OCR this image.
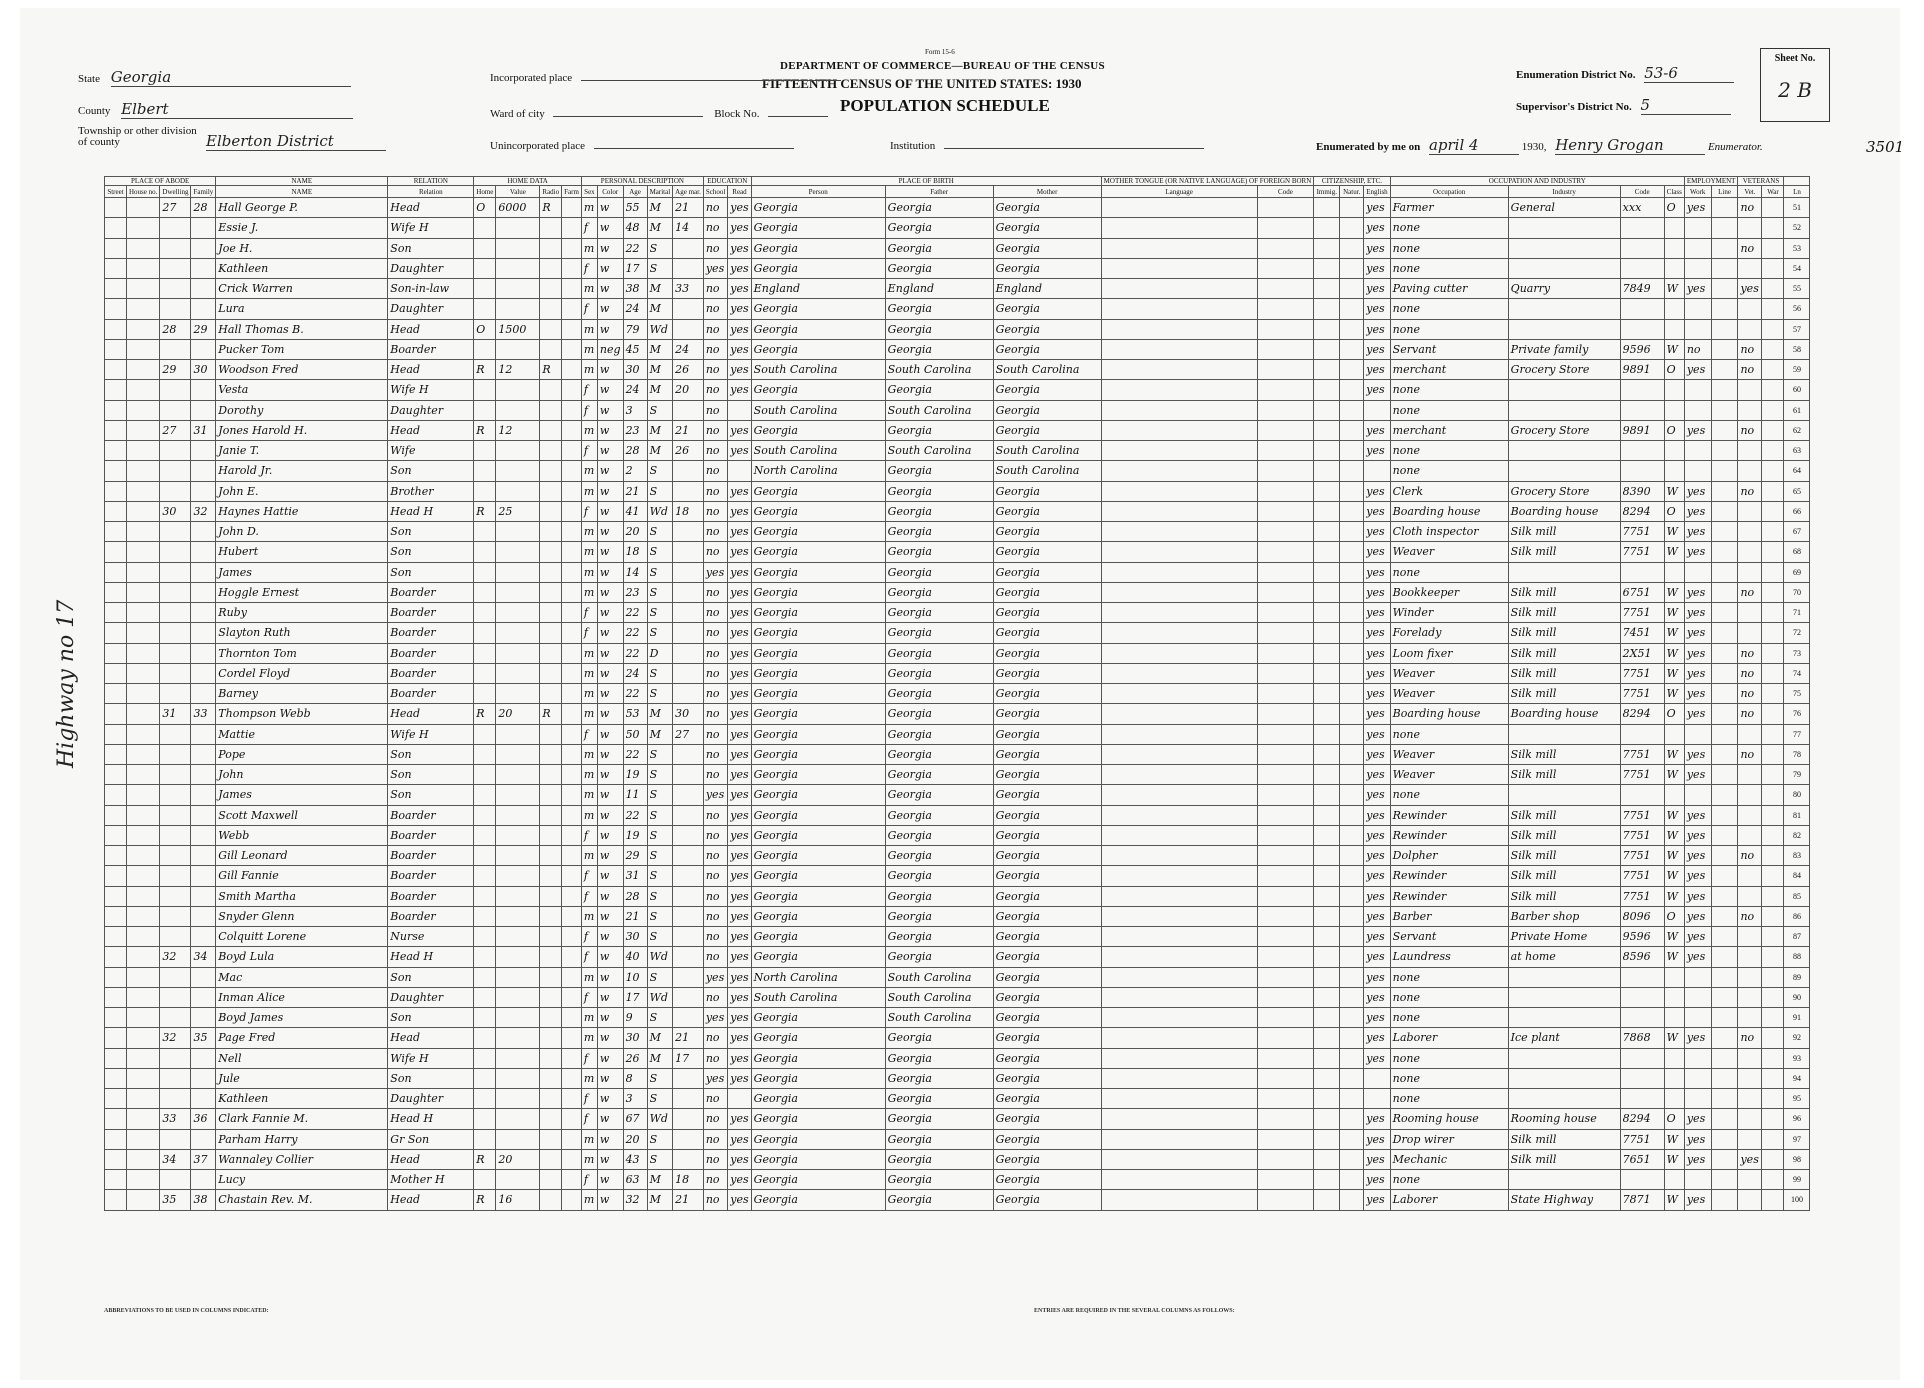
Form 15-6
DEPARTMENT OF COMMERCE—BUREAU OF THE CENSUS
FIFTEENTH CENSUS OF THE UNITED STATES: 1930
POPULATION SCHEDULE
State Georgia
County Elbert
Township or other division of county	Elberton District
Incorporated place
Ward of city	Block No.
Unincorporated place	Institution
Enumeration District No. 53-6
Supervisor's District No. 5
Sheet No.
2 B
Enumerated by me on april 4	1930, Henry Grogan	Enumerator.	3501
Highway no 17
PLACE OF ABODE				NAME	RELATION	HOME DATA				PERSONAL DESCRIPTION					EDUCATION		PLACE OF BIRTH			MOTHER TONGUE (OR NATIVE LANGUAGE) OF FOREIGN BORN		CITIZENSHIP, ETC.			OCCUPATION AND INDUSTRY				EMPLOYMENT		VETERANS		
Street	House no.	Dwelling	Family	NAME	Relation	Home	Value	Radio	Farm	Sex	Color	Age	Marital	Age mar.	School	Read	Person	Father	Mother	Language	Code	Immig.	Natur.	English	Occupation	Industry	Code	Class	Work	Line	Vet.	War	Ln
		27	28	Hall George P.	Head	O	6000	R		m	w	55	M	21	no	yes	Georgia	Georgia	Georgia					yes	Farmer	General	xxx	O	yes		no		51
				Essie J.	Wife H					f	w	48	M	14	no	yes	Georgia	Georgia	Georgia					yes	none								52
				Joe H.	Son					m	w	22	S		no	yes	Georgia	Georgia	Georgia					yes	none						no		53
				Kathleen	Daughter					f	w	17	S		yes	yes	Georgia	Georgia	Georgia					yes	none								54
				Crick Warren	Son-in-law					m	w	38	M	33	no	yes	England	England	England					yes	Paving cutter	Quarry	7849	W	yes		yes		55
				Lura	Daughter					f	w	24	M		no	yes	Georgia	Georgia	Georgia					yes	none								56
		28	29	Hall Thomas B.	Head	O	1500			m	w	79	Wd		no	yes	Georgia	Georgia	Georgia					yes	none								57
				Pucker Tom	Boarder					m	neg	45	M	24	no	yes	Georgia	Georgia	Georgia					yes	Servant	Private family	9596	W	no		no		58
		29	30	Woodson Fred	Head	R	12	R		m	w	30	M	26	no	yes	South Carolina	South Carolina	South Carolina					yes	merchant	Grocery Store	9891	O	yes		no		59
				Vesta	Wife H					f	w	24	M	20	no	yes	Georgia	Georgia	Georgia					yes	none								60
				Dorothy	Daughter					f	w	3	S		no		South Carolina	South Carolina	Georgia						none								61
		27	31	Jones Harold H.	Head	R	12			m	w	23	M	21	no	yes	Georgia	Georgia	Georgia					yes	merchant	Grocery Store	9891	O	yes		no		62
				Janie T.	Wife					f	w	28	M	26	no	yes	South Carolina	South Carolina	South Carolina					yes	none								63
				Harold Jr.	Son					m	w	2	S		no		North Carolina	Georgia	South Carolina						none								64
				John E.	Brother					m	w	21	S		no	yes	Georgia	Georgia	Georgia					yes	Clerk	Grocery Store	8390	W	yes		no		65
		30	32	Haynes Hattie	Head H	R	25			f	w	41	Wd	18	no	yes	Georgia	Georgia	Georgia					yes	Boarding house	Boarding house	8294	O	yes				66
				John D.	Son					m	w	20	S		no	yes	Georgia	Georgia	Georgia					yes	Cloth inspector	Silk mill	7751	W	yes				67
				Hubert	Son					m	w	18	S		no	yes	Georgia	Georgia	Georgia					yes	Weaver	Silk mill	7751	W	yes				68
				James	Son					m	w	14	S		yes	yes	Georgia	Georgia	Georgia					yes	none								69
				Hoggle Ernest	Boarder					m	w	23	S		no	yes	Georgia	Georgia	Georgia					yes	Bookkeeper	Silk mill	6751	W	yes		no		70
				Ruby	Boarder					f	w	22	S		no	yes	Georgia	Georgia	Georgia					yes	Winder	Silk mill	7751	W	yes				71
				Slayton Ruth	Boarder					f	w	22	S		no	yes	Georgia	Georgia	Georgia					yes	Forelady	Silk mill	7451	W	yes				72
				Thornton Tom	Boarder					m	w	22	D		no	yes	Georgia	Georgia	Georgia					yes	Loom fixer	Silk mill	2X51	W	yes		no		73
				Cordel Floyd	Boarder					m	w	24	S		no	yes	Georgia	Georgia	Georgia					yes	Weaver	Silk mill	7751	W	yes		no		74
				Barney	Boarder					m	w	22	S		no	yes	Georgia	Georgia	Georgia					yes	Weaver	Silk mill	7751	W	yes		no		75
		31	33	Thompson Webb	Head	R	20	R		m	w	53	M	30	no	yes	Georgia	Georgia	Georgia					yes	Boarding house	Boarding house	8294	O	yes		no		76
				Mattie	Wife H					f	w	50	M	27	no	yes	Georgia	Georgia	Georgia					yes	none								77
				Pope	Son					m	w	22	S		no	yes	Georgia	Georgia	Georgia					yes	Weaver	Silk mill	7751	W	yes		no		78
				John	Son					m	w	19	S		no	yes	Georgia	Georgia	Georgia					yes	Weaver	Silk mill	7751	W	yes				79
				James	Son					m	w	11	S		yes	yes	Georgia	Georgia	Georgia					yes	none								80
				Scott Maxwell	Boarder					m	w	22	S		no	yes	Georgia	Georgia	Georgia					yes	Rewinder	Silk mill	7751	W	yes				81
				Webb	Boarder					f	w	19	S		no	yes	Georgia	Georgia	Georgia					yes	Rewinder	Silk mill	7751	W	yes				82
				Gill Leonard	Boarder					m	w	29	S		no	yes	Georgia	Georgia	Georgia					yes	Dolpher	Silk mill	7751	W	yes		no		83
				Gill Fannie	Boarder					f	w	31	S		no	yes	Georgia	Georgia	Georgia					yes	Rewinder	Silk mill	7751	W	yes				84
				Smith Martha	Boarder					f	w	28	S		no	yes	Georgia	Georgia	Georgia					yes	Rewinder	Silk mill	7751	W	yes				85
				Snyder Glenn	Boarder					m	w	21	S		no	yes	Georgia	Georgia	Georgia					yes	Barber	Barber shop	8096	O	yes		no		86
				Colquitt Lorene	Nurse					f	w	30	S		no	yes	Georgia	Georgia	Georgia					yes	Servant	Private Home	9596	W	yes				87
		32	34	Boyd Lula	Head H					f	w	40	Wd		no	yes	Georgia	Georgia	Georgia					yes	Laundress	at home	8596	W	yes				88
				Mac	Son					m	w	10	S		yes	yes	North Carolina	South Carolina	Georgia					yes	none								89
				Inman Alice	Daughter					f	w	17	Wd		no	yes	South Carolina	South Carolina	Georgia					yes	none								90
				Boyd James	Son					m	w	9	S		yes	yes	Georgia	South Carolina	Georgia					yes	none								91
		32	35	Page Fred	Head					m	w	30	M	21	no	yes	Georgia	Georgia	Georgia					yes	Laborer	Ice plant	7868	W	yes		no		92
				Nell	Wife H					f	w	26	M	17	no	yes	Georgia	Georgia	Georgia					yes	none								93
				Jule	Son					m	w	8	S		yes	yes	Georgia	Georgia	Georgia						none								94
				Kathleen	Daughter					f	w	3	S		no		Georgia	Georgia	Georgia						none								95
		33	36	Clark Fannie M.	Head H					f	w	67	Wd		no	yes	Georgia	Georgia	Georgia					yes	Rooming house	Rooming house	8294	O	yes				96
				Parham Harry	Gr Son					m	w	20	S		no	yes	Georgia	Georgia	Georgia					yes	Drop wirer	Silk mill	7751	W	yes				97
		34	37	Wannaley Collier	Head	R	20			m	w	43	S		no	yes	Georgia	Georgia	Georgia					yes	Mechanic	Silk mill	7651	W	yes		yes		98
				Lucy	Mother H					f	w	63	M	18	no	yes	Georgia	Georgia	Georgia					yes	none								99
		35	38	Chastain Rev. M.	Head	R	16			m	w	32	M	21	no	yes	Georgia	Georgia	Georgia					yes	Laborer	State Highway	7871	W	yes				100
ABBREVIATIONS TO BE USED IN COLUMNS INDICATED:	ENTRIES ARE REQUIRED IN THE SEVERAL COLUMNS AS FOLLOWS:
